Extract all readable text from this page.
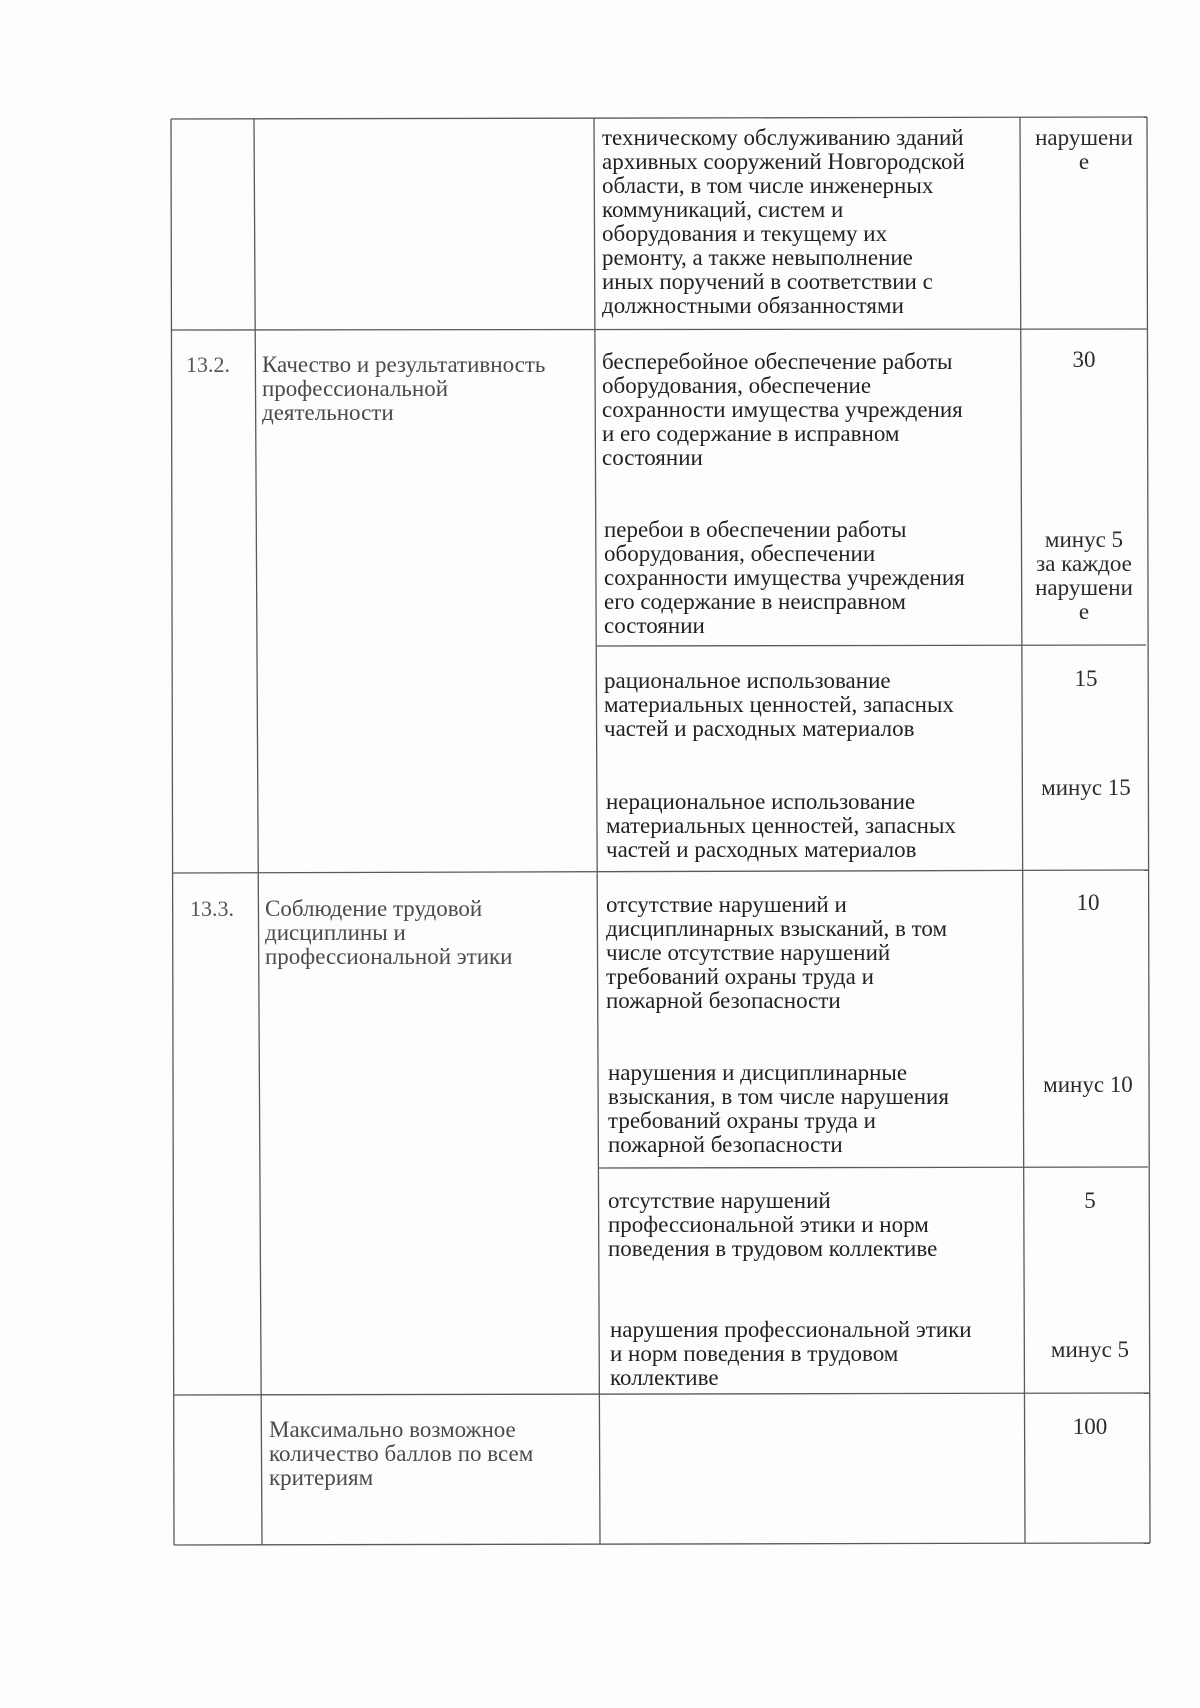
техническому обслуживанию зданий
архивных сооружений Новгородской
области, в том числе инженерных
коммуникаций, систем и
оборудования и текущему их
ремонту, а также невыполнение
иных поручений в соответствии с
должностными обязанностями
нарушени
е
13.2.	Качество и результативность
профессиональной
деятельности
бесперебойное обеспечение работы
оборудования, обеспечение
сохранности имущества учреждения
и его содержание в исправном
состоянии
30
перебои в обеспечении работы
оборудования, обеспечении
сохранности имущества учреждения
его содержание в неисправном
состоянии
минус 5
за каждое
нарушени
е
рациональное использование
материальных ценностей, запасных
частей и расходных материалов
15
нерациональное использование
материальных ценностей, запасных
частей и расходных материалов
минус 15
13.3.	Соблюдение трудовой
дисциплины и
профессиональной этики
отсутствие нарушений и
дисциплинарных взысканий, в том
числе отсутствие нарушений
требований охраны труда и
пожарной безопасности
10
нарушения и дисциплинарные
взыскания, в том числе нарушения
требований охраны труда и
пожарной безопасности
минус 10
отсутствие нарушений
профессиональной этики и норм
поведения в трудовом коллективе
5
нарушения профессиональной этики
и норм поведения в трудовом
коллективе
минус 5
Максимально возможное
количество баллов по всем
критериям
100
